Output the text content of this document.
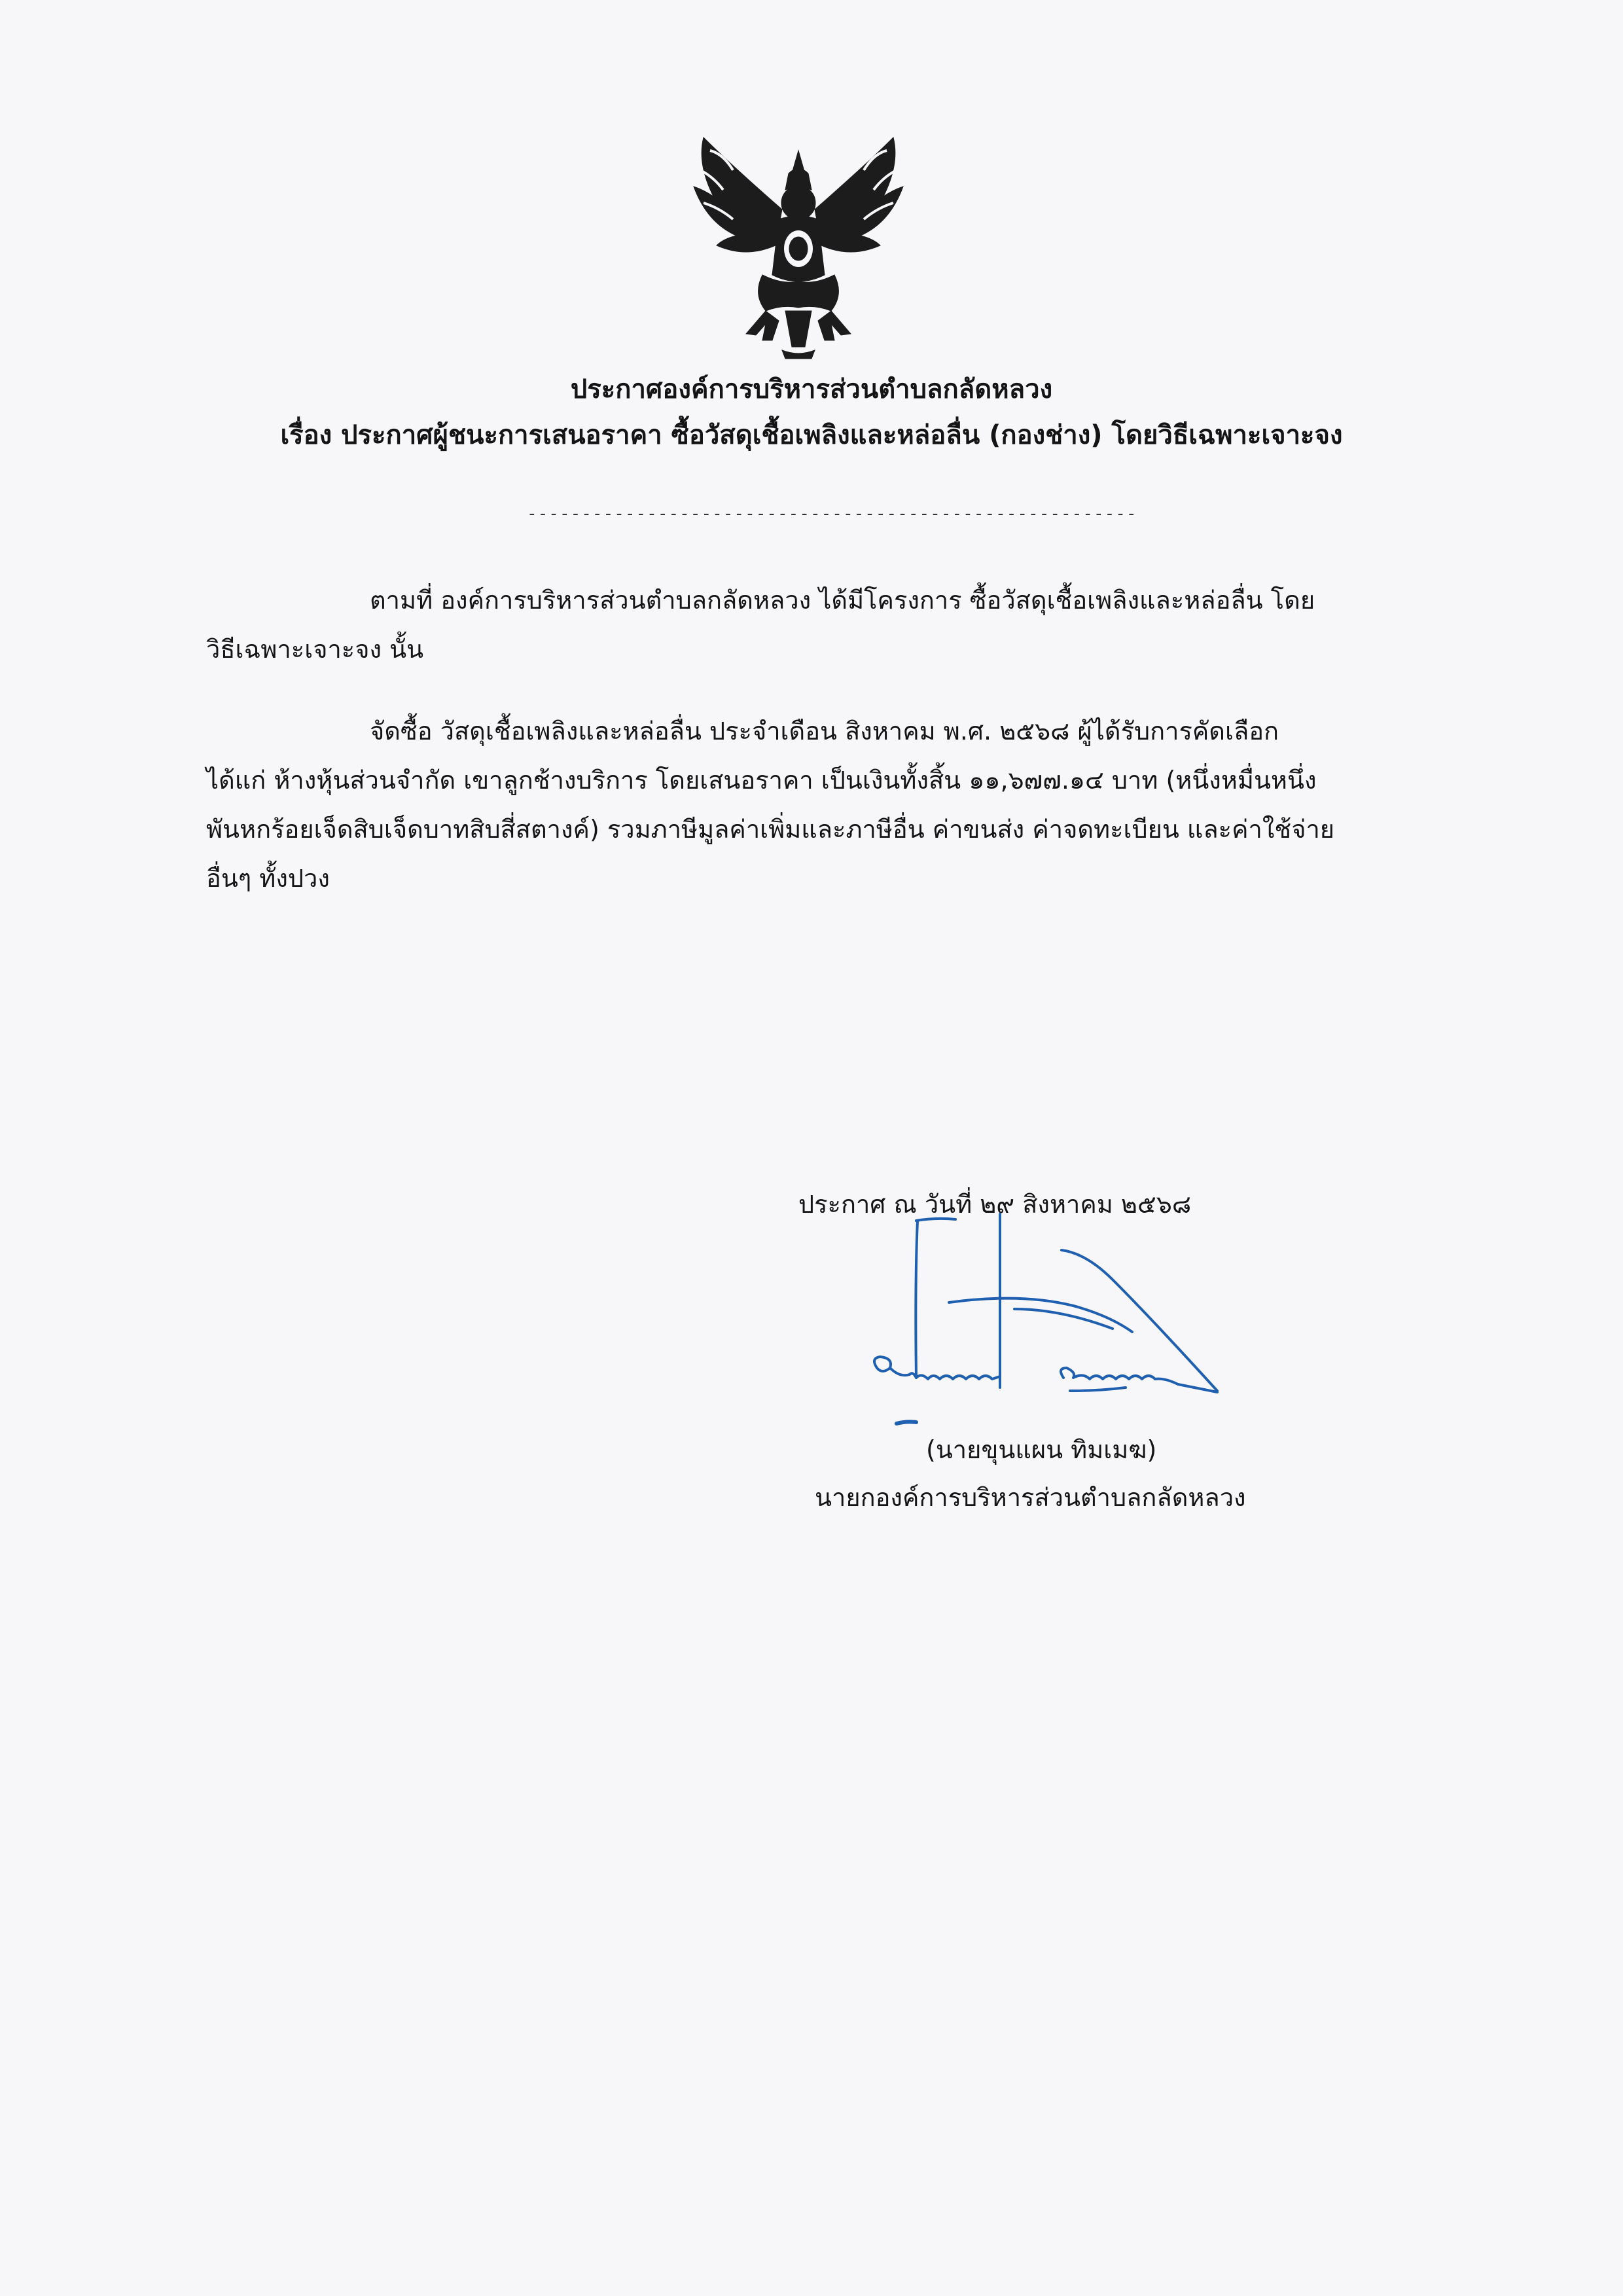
ประกาศองค์การบริหารส่วนตำบลกลัดหลวง
เรื่อง ประกาศผู้ชนะการเสนอราคา ซื้อวัสดุเชื้อเพลิงและหล่อลื่น (กองช่าง) โดยวิธีเฉพาะเจาะจง
--------------------------------------------------------
ตามที่ องค์การบริหารส่วนตำบลกลัดหลวง ได้มีโครงการ ซื้อวัสดุเชื้อเพลิงและหล่อลื่น โดย
วิธีเฉพาะเจาะจง นั้น
จัดซื้อ วัสดุเชื้อเพลิงและหล่อลื่น ประจำเดือน สิงหาคม พ.ศ. ๒๕๖๘ ผู้ได้รับการคัดเลือก
ได้แก่ ห้างหุ้นส่วนจำกัด เขาลูกช้างบริการ โดยเสนอราคา เป็นเงินทั้งสิ้น ๑๑,๖๗๗.๑๔ บาท (หนึ่งหมื่นหนึ่ง
พันหกร้อยเจ็ดสิบเจ็ดบาทสิบสี่สตางค์) รวมภาษีมูลค่าเพิ่มและภาษีอื่น ค่าขนส่ง ค่าจดทะเบียน และค่าใช้จ่าย
อื่นๆ ทั้งปวง
ประกาศ ณ วันที่ ๒๙ สิงหาคม ๒๕๖๘
(นายขุนแผน ทิมเมฆ)
นายกองค์การบริหารส่วนตำบลกลัดหลวง
